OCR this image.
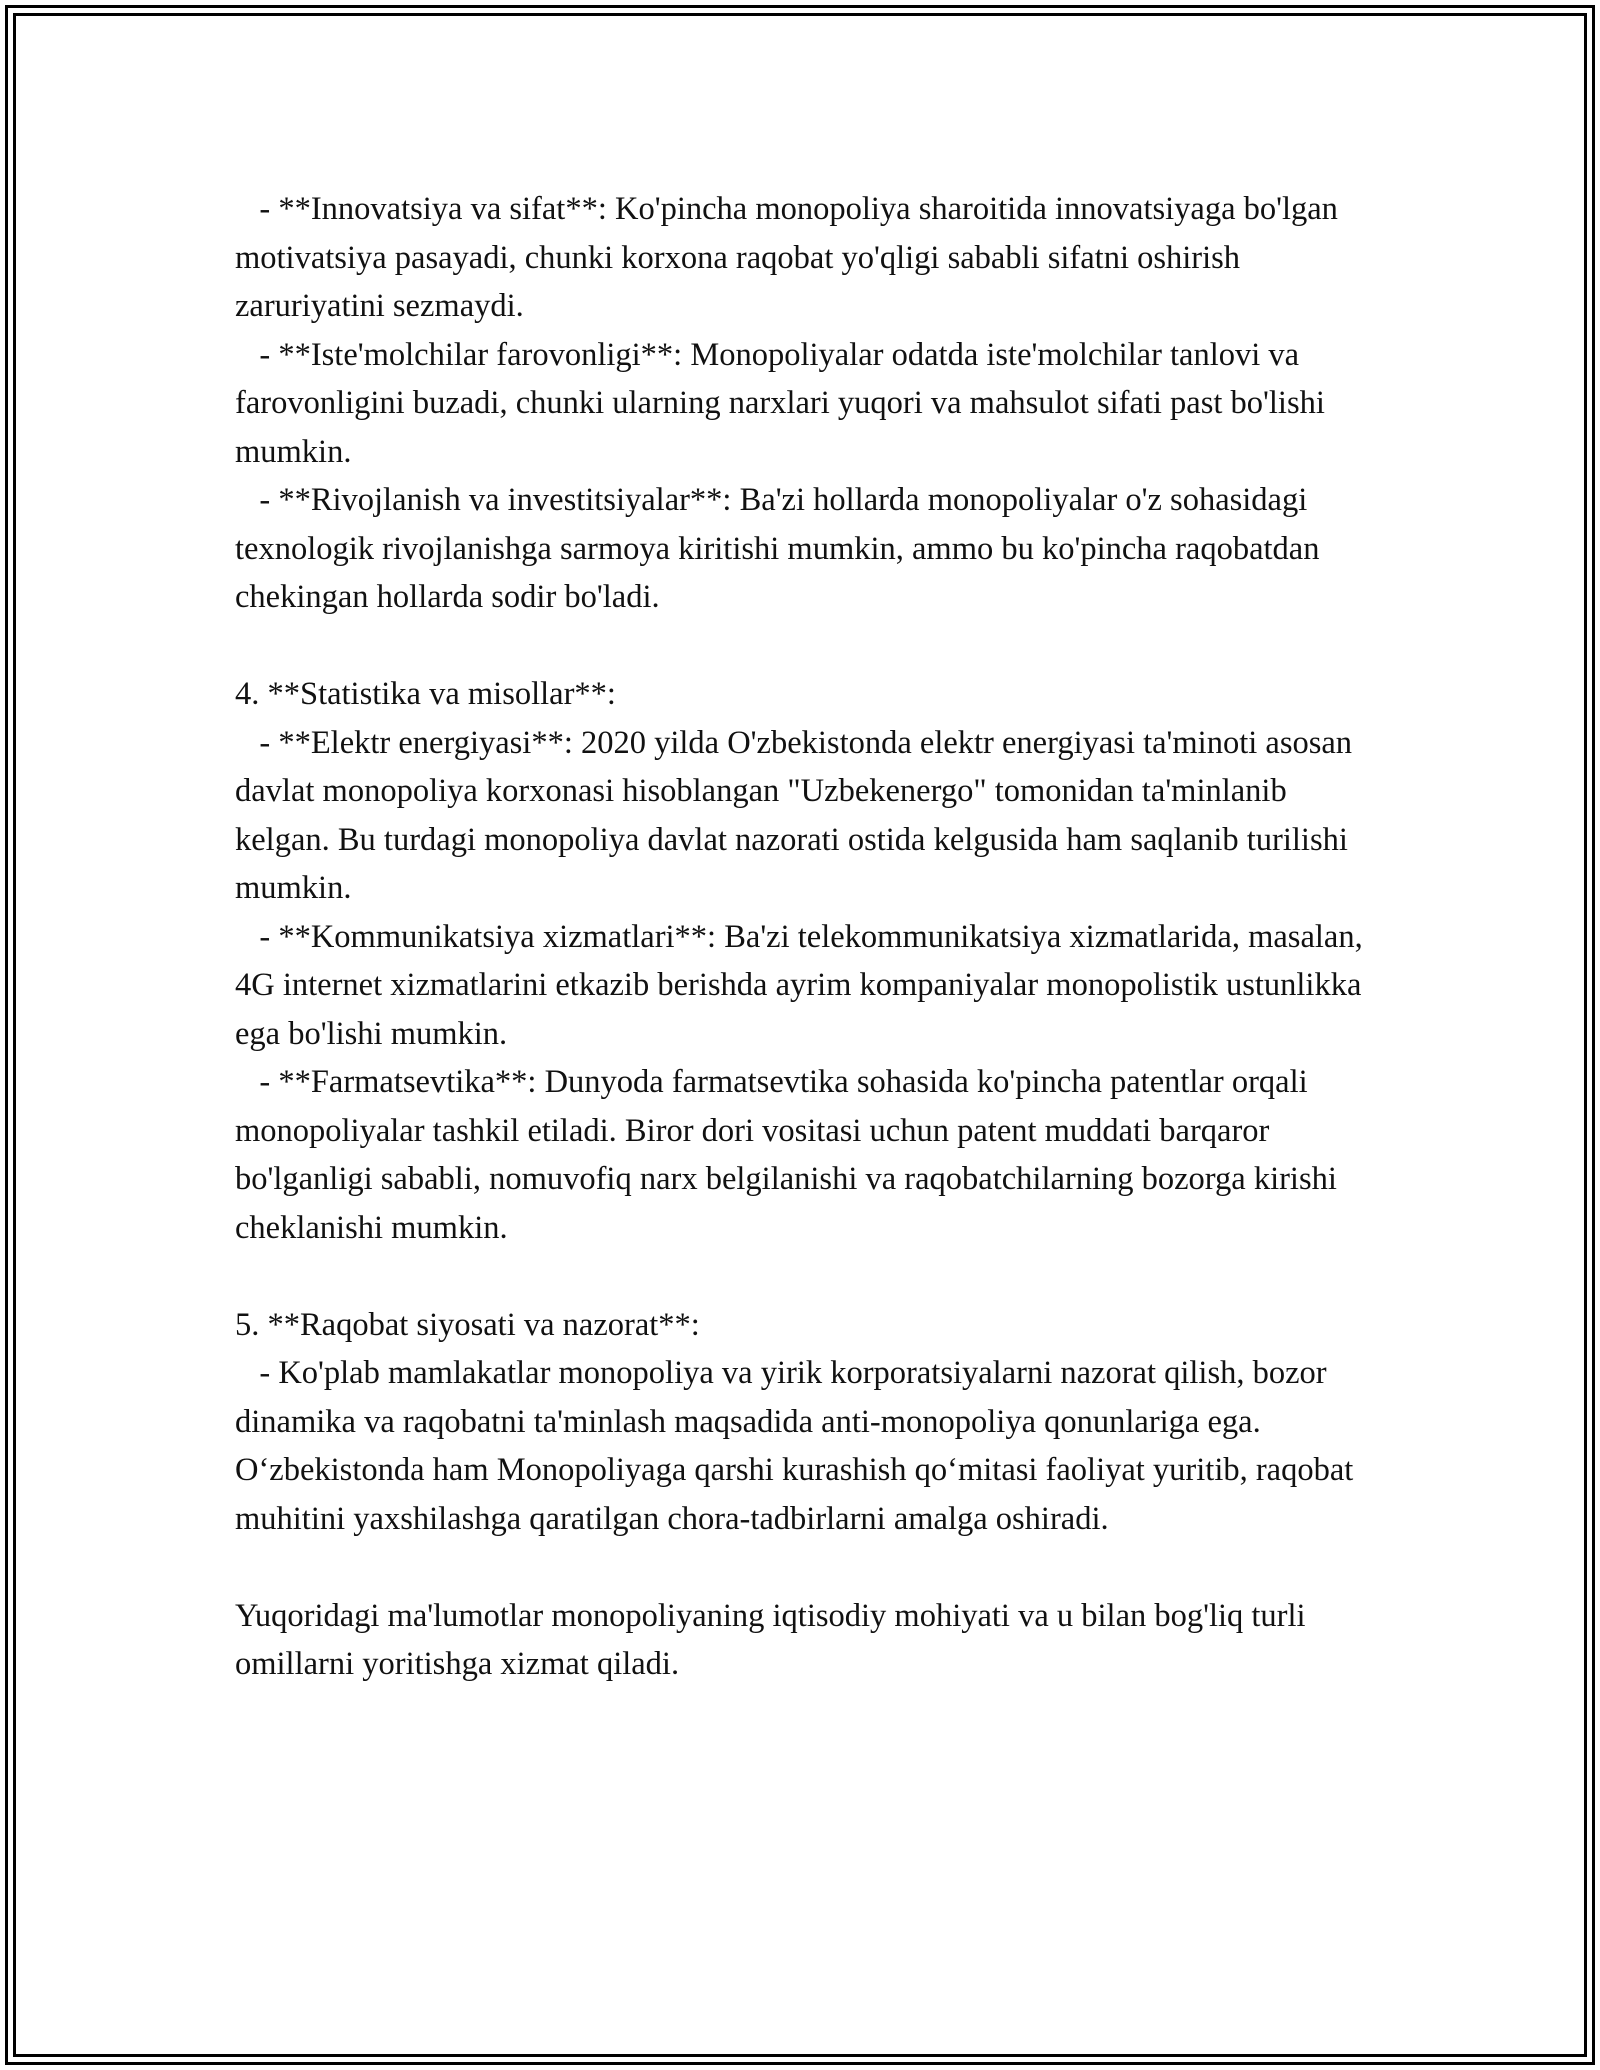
- **Innovatsiya va sifat**: Ko'pincha monopoliya sharoitida innovatsiyaga bo'lgan motivatsiya pasayadi, chunki korxona raqobat yo'qligi sababli sifatni oshirish zaruriyatini sezmaydi.

- **Iste'molchilar farovonligi**: Monopoliyalar odatda iste'molchilar tanlovi va farovonligini buzadi, chunki ularning narxlari yuqori va mahsulot sifati past bo'lishi mumkin.

- **Rivojlanish va investitsiyalar**: Ba'zi hollarda monopoliyalar o'z sohasidagi texnologik rivojlanishga sarmoya kiritishi mumkin, ammo bu ko'pincha raqobatdan chekingan hollarda sodir bo'ladi.

4. **Statistika va misollar**:

- **Elektr energiyasi**: 2020 yilda O'zbekistonda elektr energiyasi ta'minoti asosan davlat monopoliya korxonasi hisoblangan "Uzbekenergo" tomonidan ta'minlanib kelgan. Bu turdagi monopoliya davlat nazorati ostida kelgusida ham saqlanib turilishi mumkin.

- **Kommunikatsiya xizmatlari**: Ba'zi telekommunikatsiya xizmatlarida, masalan, 4G internet xizmatlarini etkazib berishda ayrim kompaniyalar monopolistik ustunlikka ega bo'lishi mumkin.

- **Farmatsevtika**: Dunyoda farmatsevtika sohasida ko'pincha patentlar orqali monopoliyalar tashkil etiladi. Biror dori vositasi uchun patent muddati barqaror bo'lganligi sababli, nomuvofiq narx belgilanishi va raqobatchilarning bozorga kirishi cheklanishi mumkin.

5. **Raqobat siyosati va nazorat**:

- Ko'plab mamlakatlar monopoliya va yirik korporatsiyalarni nazorat qilish, bozor dinamika va raqobatni ta'minlash maqsadida anti-monopoliya qonunlariga ega. O‘zbekistonda ham Monopoliyaga qarshi kurashish qo‘mitasi faoliyat yuritib, raqobat muhitini yaxshilashga qaratilgan chora-tadbirlarni amalga oshiradi.

Yuqoridagi ma'lumotlar monopoliyaning iqtisodiy mohiyati va u bilan bog'liq turli omillarni yoritishga xizmat qiladi.
